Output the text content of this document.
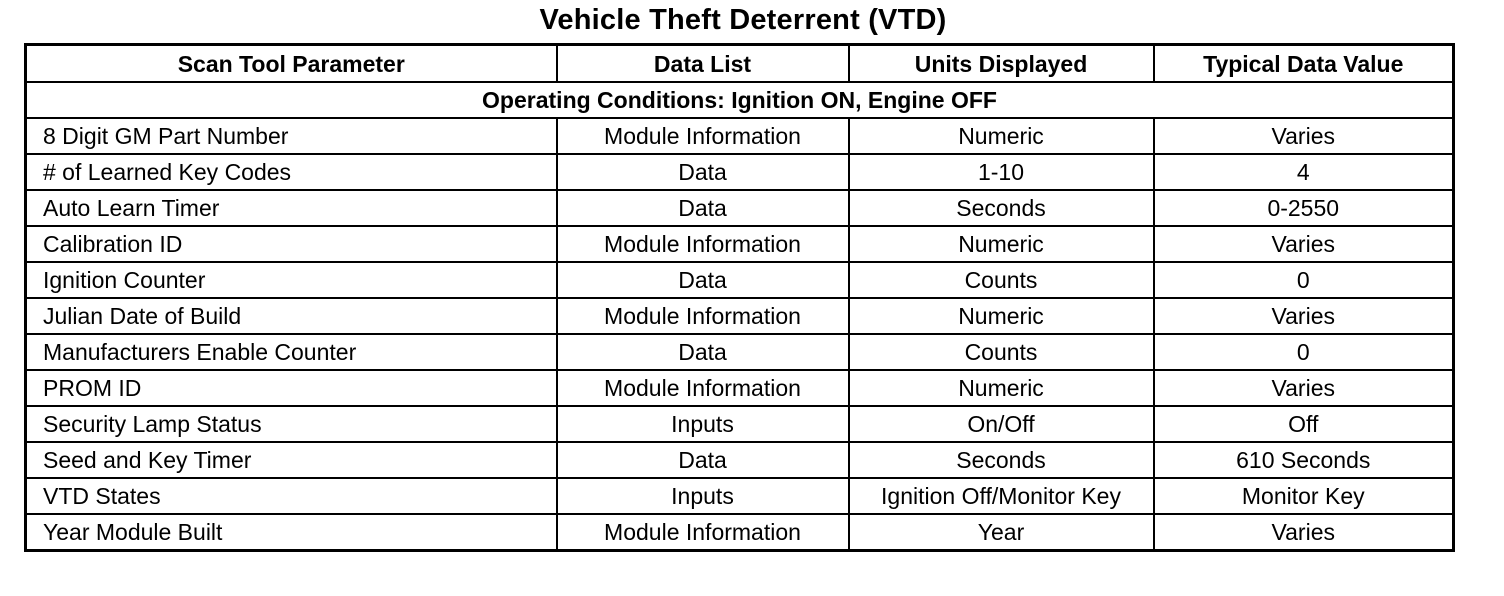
Vehicle Theft Deterrent (VTD)
Scan Tool Parameter	Data List	Units Displayed	Typical Data Value
Operating Conditions: Ignition ON, Engine OFF			
8 Digit GM Part Number	Module Information	Numeric	Varies
# of Learned Key Codes	Data	1-10	4
Auto Learn Timer	Data	Seconds	0-2550
Calibration ID	Module Information	Numeric	Varies
Ignition Counter	Data	Counts	0
Julian Date of Build	Module Information	Numeric	Varies
Manufacturers Enable Counter	Data	Counts	0
PROM ID	Module Information	Numeric	Varies
Security Lamp Status	Inputs	On/Off	Off
Seed and Key Timer	Data	Seconds	610 Seconds
VTD States	Inputs	Ignition Off/Monitor Key	Monitor Key
Year Module Built	Module Information	Year	Varies
